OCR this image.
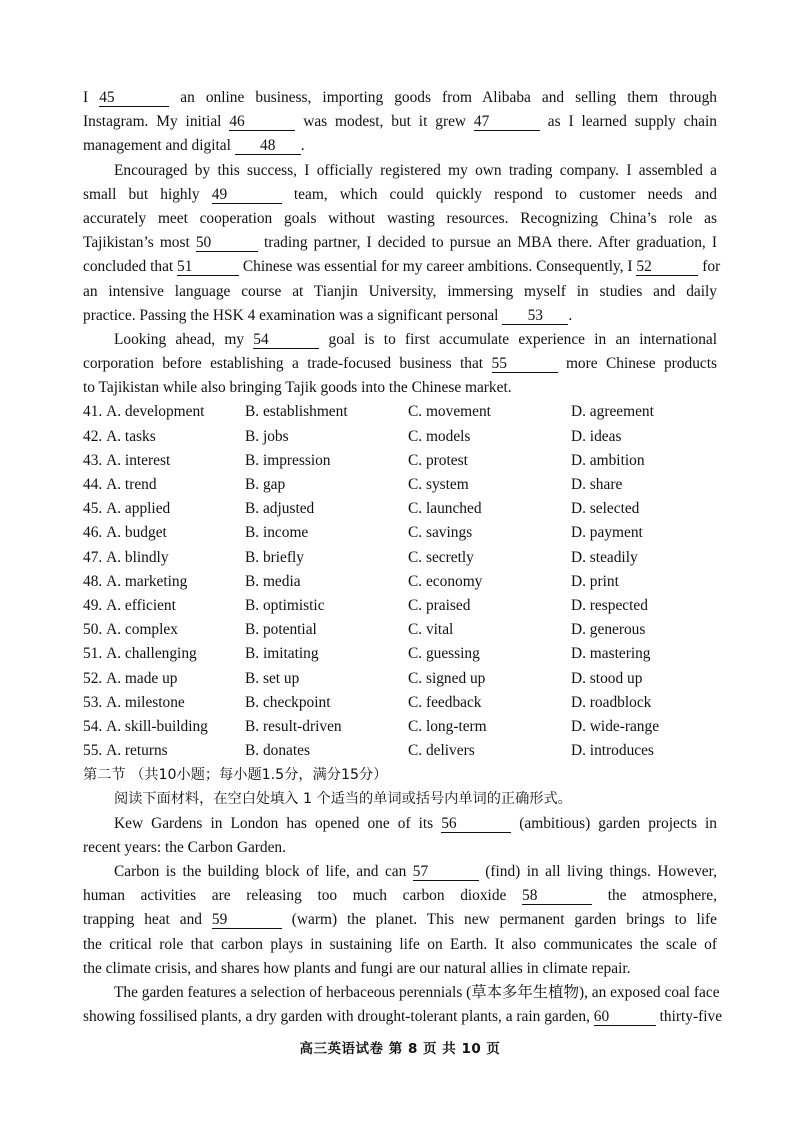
I 45	an online business, importing goods from Alibaba and selling them through
Instagram. My initial 46	was modest, but it grew 47	as I learned supply chain
management and digital 48 .
Encouraged by this success, I officially registered my own trading company. I assembled a
small but highly 49	team, which could quickly respond to customer needs and
accurately meet cooperation goals without wasting resources. Recognizing China’s role as
Tajikistan’s most 50	trading partner, I decided to pursue an MBA there. After graduation, I
concluded that 51	Chinese was essential for my career ambitions. Consequently, I 52	for
an intensive language course at Tianjin University, immersing myself in studies and daily
practice. Passing the HSK 4 examination was a significant personal 53 .
Looking ahead, my 54	goal is to first accumulate experience in an international
corporation before establishing a trade-focused business that 55	more Chinese products
to Tajikistan while also bringing Tajik goods into the Chinese market.
41. A. development	B. establishment	C. movement	D. agreement
42. A. tasks	B. jobs	C. models	D. ideas
43. A. interest	B. impression	C. protest	D. ambition
44. A. trend	B. gap	C. system	D. share
45. A. applied	B. adjusted	C. launched	D. selected
46. A. budget	B. income	C. savings	D. payment
47. A. blindly	B. briefly	C. secretly	D. steadily
48. A. marketing	B. media	C. economy	D. print
49. A. efficient	B. optimistic	C. praised	D. respected
50. A. complex	B. potential	C. vital	D. generous
51. A. challenging	B. imitating	C. guessing	D. mastering
52. A. made up	B. set up	C. signed up	D. stood up
53. A. milestone	B. checkpoint	C. feedback	D. roadblock
54. A. skill-building	B. result-driven	C. long-term	D. wide-range
55. A. returns	B. donates	C. delivers	D. introduces
第二节 （共10小题；每小题1.5分，满分15分）
阅读下面材料，在空白处填入 1 个适当的单词或括号内单词的正确形式。
Kew Gardens in London has opened one of its 56	(ambitious) garden projects in
recent years: the Carbon Garden.
Carbon is the building block of life, and can 57	(find) in all living things. However,
human activities are releasing too much carbon dioxide 58	the atmosphere,
trapping heat and 59	(warm) the planet. This new permanent garden brings to life
the critical role that carbon plays in sustaining life on Earth. It also communicates the scale of
the climate crisis, and shares how plants and fungi are our natural allies in climate repair.
The garden features a selection of herbaceous perennials (草本多年生植物), an exposed coal face
showing fossilised plants, a dry garden with drought-tolerant plants, a rain garden, 60	thirty-five
高三英语试卷 第 8 页 共 10 页
